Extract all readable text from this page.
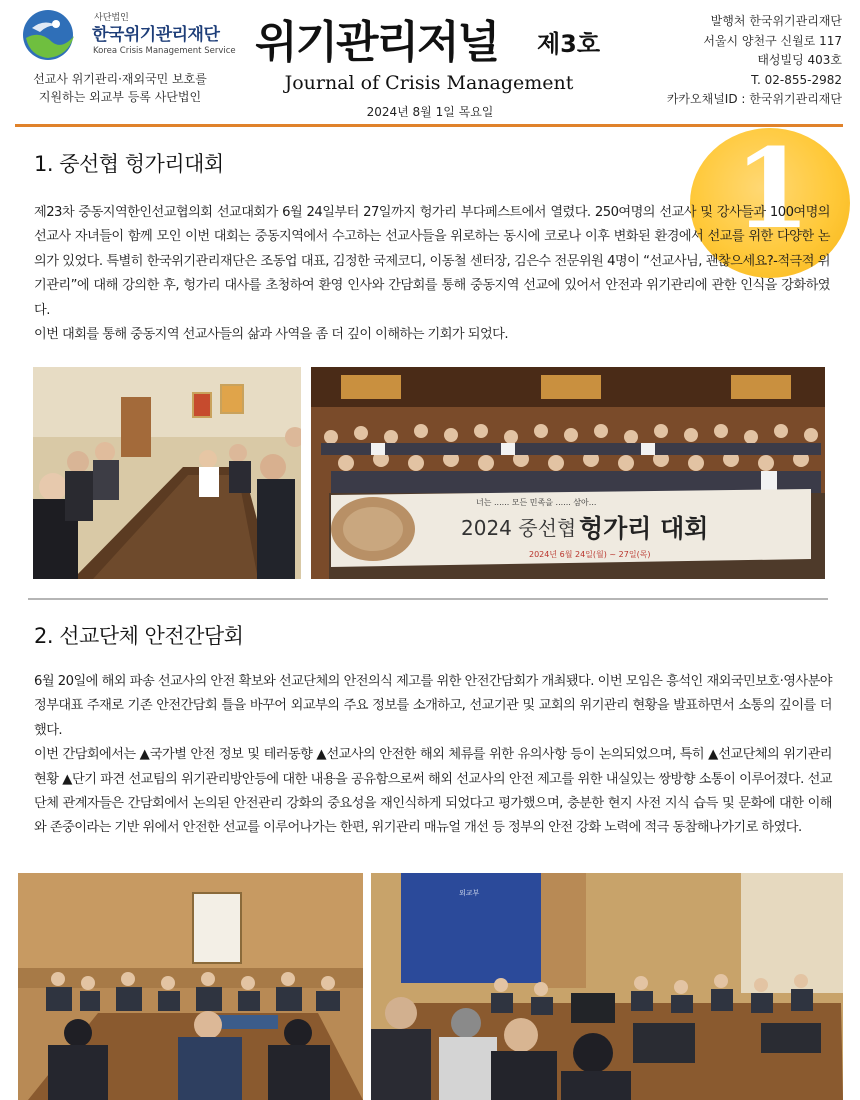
사단법인
한국위기관리재단
Korea Crisis Management Service
선교사 위기관리·재외국민 보호를
지원하는 외교부 등록 사단법인
위기관리저널 제3호
Journal of Crisis Management
2024년 8월 1일 목요일
발행처 한국위기관리재단
서울시 양천구 신월로 117
태성빌딩 403호
T. 02-855-2982
카카오채널ID : 한국위기관리재단
1
1. 중선협 헝가리대회

제23차 중동지역한인선교협의회 선교대회가 6월 24일부터 27일까지 헝가리 부다페스트에서 열렸다. 250여명의 선교사 및 강사들과 100여명의 선교사 자녀들이 함께 모인 이번 대회는 중동지역에서 수고하는 선교사들을 위로하는 동시에 코로나 이후 변화된 환경에서 선교를 위한 다양한 논의가 있었다. 특별히 한국위기관리재단은 조동업 대표, 김정한 국제코디, 이동철 센터장, 김은수 전문위원 4명이 “선교사님, 괜찮으세요?-적극적 위기관리”에 대해 강의한 후, 헝가리 대사를 초청하여 환영 인사와 간담회를 통해 중동지역 선교에 있어서 안전과 위기관리에 관한 인식을 강화하였다.

이번 대회를 통해 중동지역 선교사들의 삶과 사역을 좀 더 깊이 이해하는 기회가 되었다.

너는 ...... 모든 민족을 ...... 삼아...
2024 중선협 헝가리 대회
2024년 6월 24일(월) ~ 27일(목)
2. 선교단체 안전간담회

6월 20일에 해외 파송 선교사의 안전 확보와 선교단체의 안전의식 제고를 위한 안전간담회가 개최됐다. 이번 모임은 흥석인 재외국민보호·영사분야 정부대표 주재로 기존 안전간담회 틀을 바꾸어 외교부의 주요 정보를 소개하고, 선교기관 및 교회의 위기관리 현황을 발표하면서 소통의 깊이를 더했다.

이번 간담회에서는 ▲국가별 안전 정보 및 테러동향 ▲선교사의 안전한 해외 체류를 위한 유의사항 등이 논의되었으며, 특히 ▲선교단체의 위기관리 현황 ▲단기 파견 선교팀의 위기관리방안등에 대한 내용을 공유함으로써 해외 선교사의 안전 제고를 위한 내실있는 쌍방향 소통이 이루어졌다. 선교단체 관계자들은 간담회에서 논의된 안전관리 강화의 중요성을 재인식하게 되었다고 평가했으며, 충분한 현지 사전 지식 습득 및 문화에 대한 이해와 존중이라는 기반 위에서 안전한 선교를 이루어나가는 한편, 위기관리 매뉴얼 개선 등 정부의 안전 강화 노력에 적극 동참해나가기로 하였다.

외교부
